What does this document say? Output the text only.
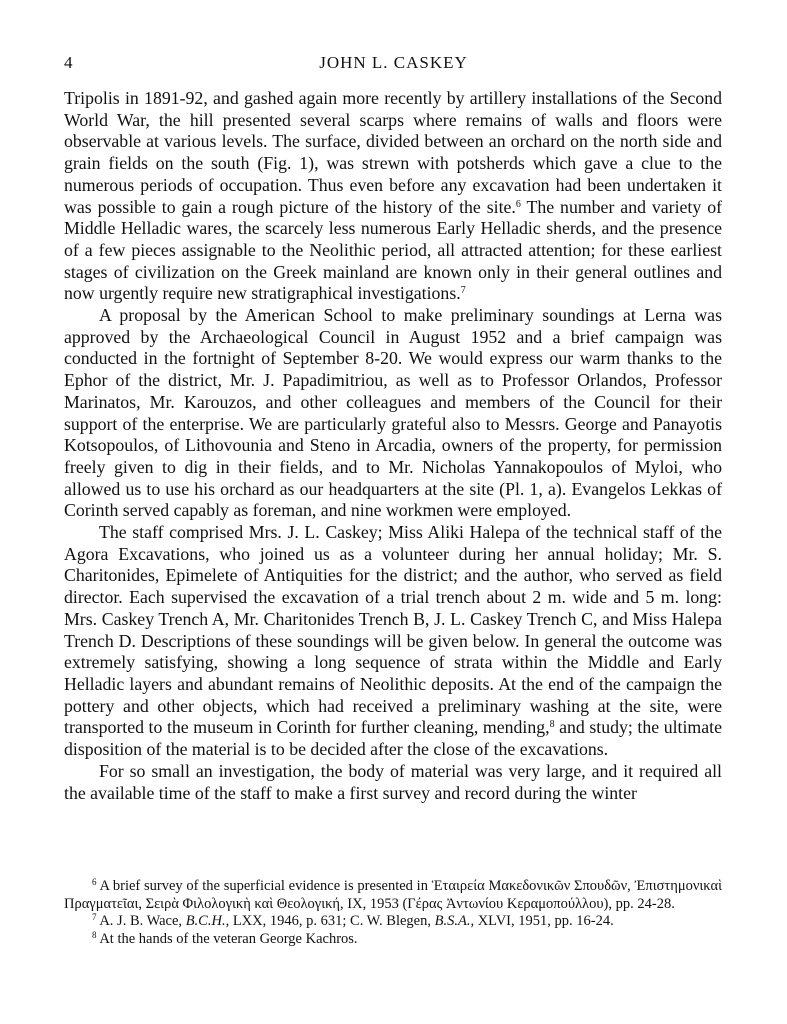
4	JOHN L. CASKEY

Tripolis in 1891-92, and gashed again more recently by artillery installations of the Second World War, the hill presented several scarps where remains of walls and floors were observable at various levels. The surface, divided between an orchard on the north side and grain fields on the south (Fig. 1), was strewn with potsherds which gave a clue to the numerous periods of occupation. Thus even before any excavation had been undertaken it was possible to gain a rough picture of the history of the site.$^6$ The number and variety of Middle Helladic wares, the scarcely less numerous Early Helladic sherds, and the presence of a few pieces assignable to the Neolithic period, all attracted attention; for these earliest stages of civilization on the Greek mainland are known only in their general outlines and now urgently require new stratigraphical investigations.$^7$

A proposal by the American School to make preliminary soundings at Lerna was approved by the Archaeological Council in August 1952 and a brief campaign was conducted in the fortnight of September 8-20. We would express our warm thanks to the Ephor of the district, Mr. J. Papadimitriou, as well as to Professor Orlandos, Professor Marinatos, Mr. Karouzos, and other colleagues and members of the Council for their support of the enterprise. We are particularly grateful also to Messrs. George and Panayotis Kotsopoulos, of Lithovounia and Steno in Arcadia, owners of the property, for permission freely given to dig in their fields, and to Mr. Nicholas Yannakopoulos of Myloi, who allowed us to use his orchard as our headquarters at the site (Pl. 1, a). Evangelos Lekkas of Corinth served capably as foreman, and nine workmen were employed.

The staff comprised Mrs. J. L. Caskey; Miss Aliki Halepa of the technical staff of the Agora Excavations, who joined us as a volunteer during her annual holiday; Mr. S. Charitonides, Epimelete of Antiquities for the district; and the author, who served as field director. Each supervised the excavation of a trial trench about 2 m. wide and 5 m. long: Mrs. Caskey Trench A, Mr. Charitonides Trench B, J. L. Caskey Trench C, and Miss Halepa Trench D. Descriptions of these soundings will be given below. In general the outcome was extremely satisfying, showing a long sequence of strata within the Middle and Early Helladic layers and abundant remains of Neolithic deposits. At the end of the campaign the pottery and other objects, which had received a preliminary washing at the site, were transported to the museum in Corinth for further cleaning, mending,$^8$ and study; the ultimate disposition of the material is to be decided after the close of the excavations.

For so small an investigation, the body of material was very large, and it required all the available time of the staff to make a first survey and record during the winter

$^6$ A brief survey of the superficial evidence is presented in Ἑταιρεία Μακεδονικῶν Σπουδῶν, Ἐπιστημονικαὶ Πραγματεῖαι, Σειρὰ Φιλολογικὴ καὶ Θεολογική, IX, 1953 (Γέρας Ἀντωνίου Κεραμοπούλλου), pp. 24-28.

$^7$ A. J. B. Wace, B.C.H., LXX, 1946, p. 631; C. W. Blegen, B.S.A., XLVI, 1951, pp. 16-24.

$^8$ At the hands of the veteran George Kachros.
